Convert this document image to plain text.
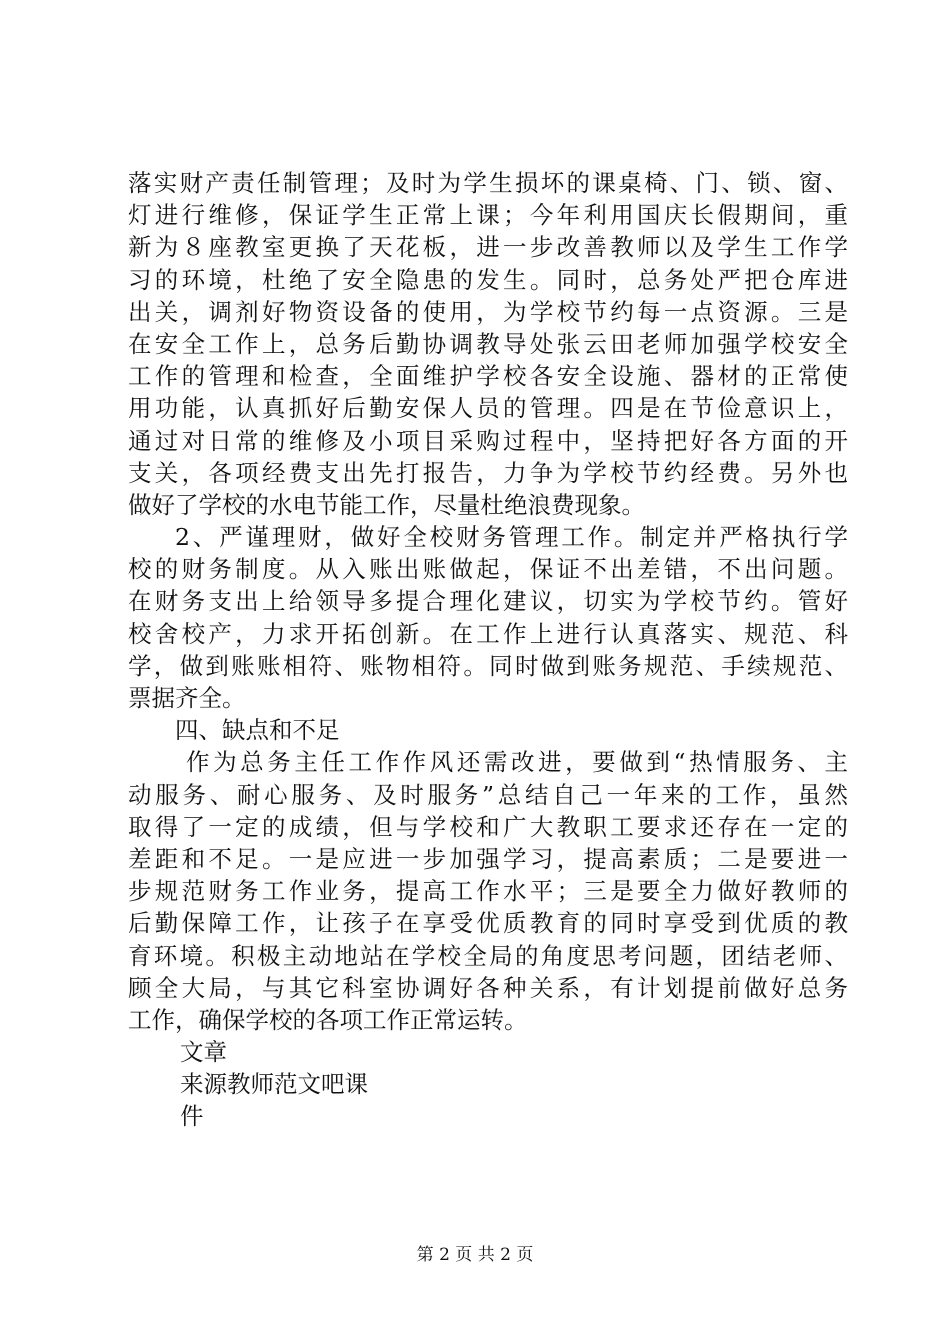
落实财产责任制管理；及时为学生损坏的课桌椅、门、锁、窗、
灯进行维修，保证学生正常上课；今年利用国庆长假期间，重
新为８座教室更换了天花板，进一步改善教师以及学生工作学
习的环境，杜绝了安全隐患的发生。同时，总务处严把仓库进
出关，调剂好物资设备的使用，为学校节约每一点资源。三是
在安全工作上，总务后勤协调教导处张云田老师加强学校安全
工作的管理和检查，全面维护学校各安全设施、器材的正常使
用功能，认真抓好后勤安保人员的管理。四是在节俭意识上，
通过对日常的维修及小项目采购过程中，坚持把好各方面的开
支关，各项经费支出先打报告，力争为学校节约经费。另外也
做好了学校的水电节能工作，尽量杜绝浪费现象。
2、严谨理财，做好全校财务管理工作。制定并严格执行学
校的财务制度。从入账出账做起，保证不出差错，不出问题。
在财务支出上给领导多提合理化建议，切实为学校节约。管好
校舍校产，力求开拓创新。在工作上进行认真落实、规范、科
学，做到账账相符、账物相符。同时做到账务规范、手续规范、
票据齐全。
四、缺点和不足
作为总务主任工作作风还需改进，要做到“热情服务、主
动服务、耐心服务、及时服务”总结自己一年来的工作，虽然
取得了一定的成绩，但与学校和广大教职工要求还存在一定的
差距和不足。一是应进一步加强学习，提高素质；二是要进一
步规范财务工作业务，提高工作水平；三是要全力做好教师的
后勤保障工作，让孩子在享受优质教育的同时享受到优质的教
育环境。积极主动地站在学校全局的角度思考问题，团结老师、
顾全大局，与其它科室协调好各种关系，有计划提前做好总务
工作，确保学校的各项工作正常运转。
文章
来源教师范文吧课
件
第 2 页 共 2 页
